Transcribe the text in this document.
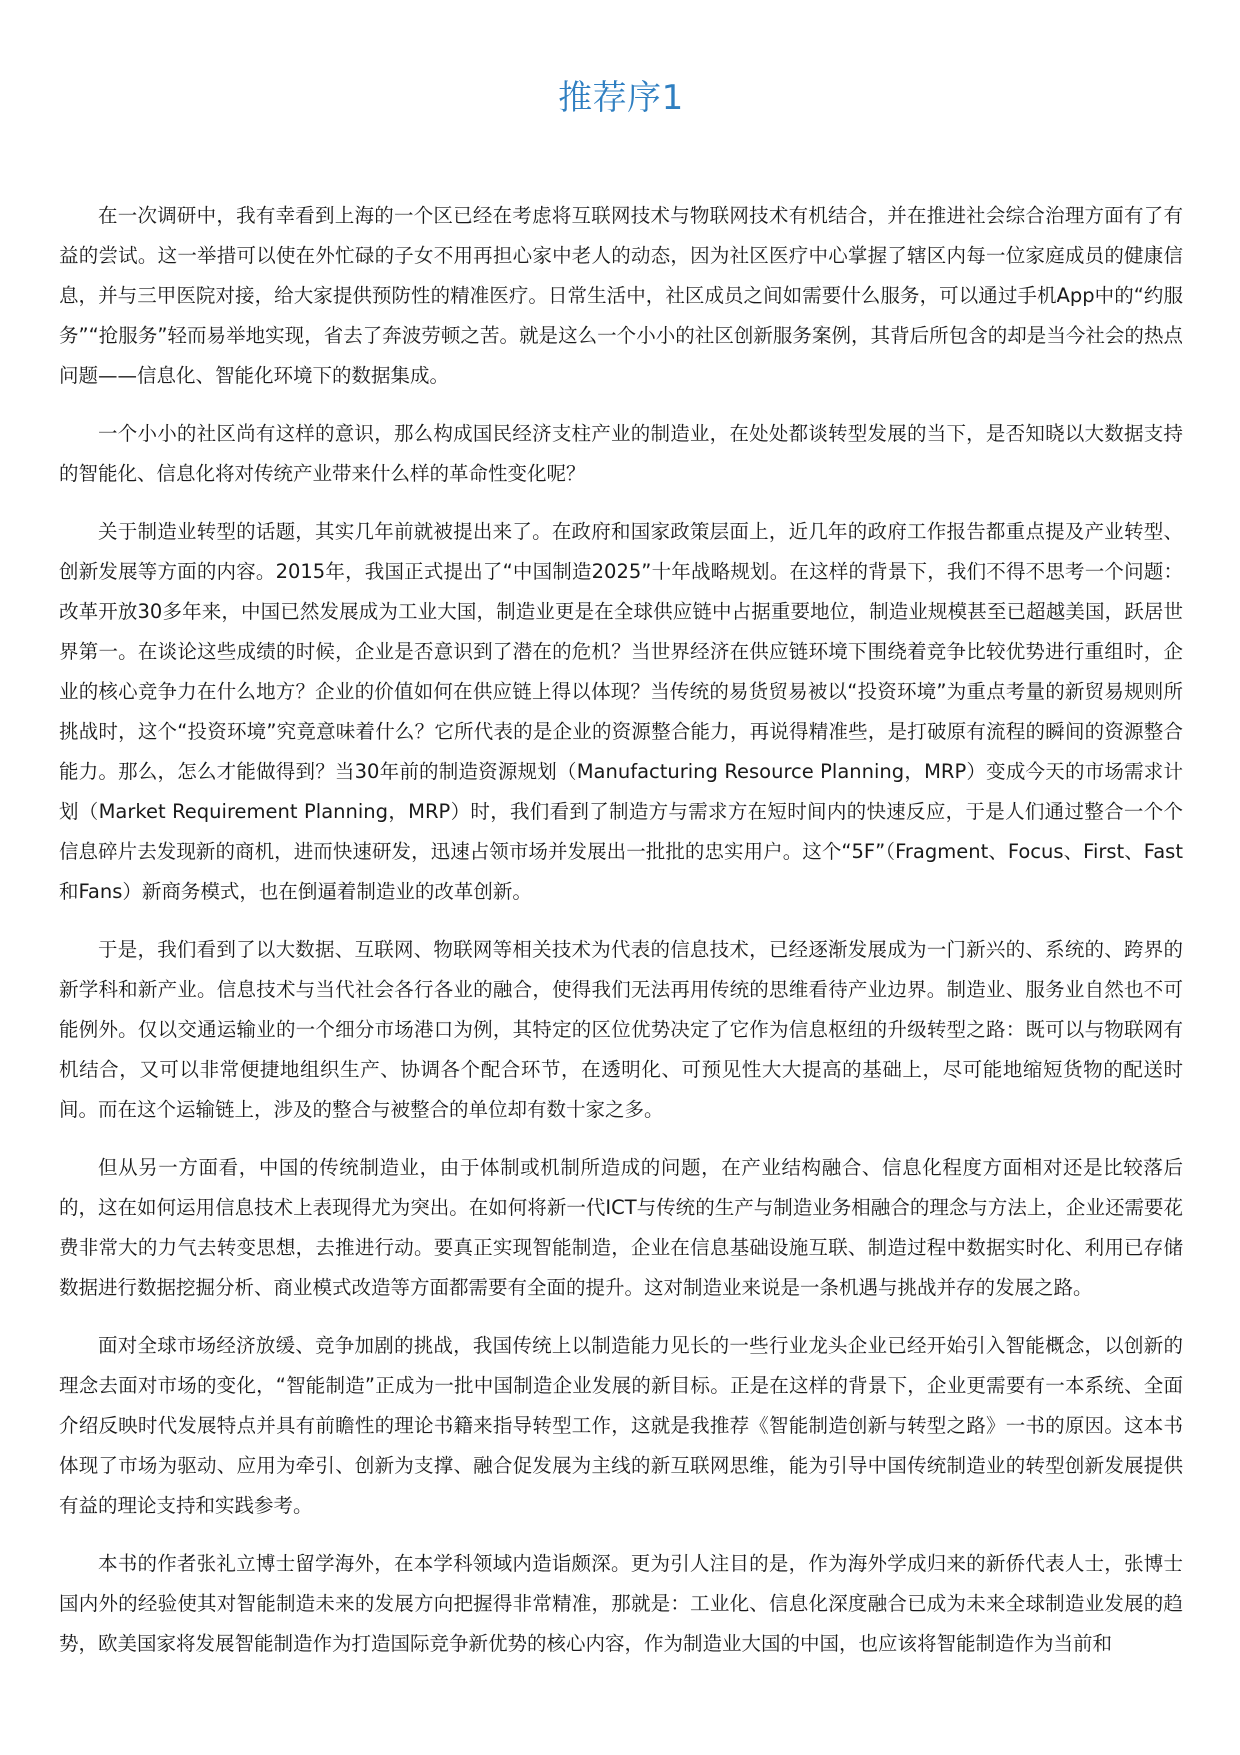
推荐序1

在一次调研中，我有幸看到上海的一个区已经在考虑将互联网技术与物联网技术有机结合，并在推进社会综合治理方面有了有益的尝试。这一举措可以使在外忙碌的子女不用再担心家中老人的动态，因为社区医疗中心掌握了辖区内每一位家庭成员的健康信息，并与三甲医院对接，给大家提供预防性的精准医疗。日常生活中，社区成员之间如需要什么服务，可以通过手机App中的“约服务”“抢服务”轻而易举地实现，省去了奔波劳顿之苦。就是这么一个小小的社区创新服务案例，其背后所包含的却是当今社会的热点问题——信息化、智能化环境下的数据集成。

一个小小的社区尚有这样的意识，那么构成国民经济支柱产业的制造业，在处处都谈转型发展的当下，是否知晓以大数据支持的智能化、信息化将对传统产业带来什么样的革命性变化呢？

关于制造业转型的话题，其实几年前就被提出来了。在政府和国家政策层面上，近几年的政府工作报告都重点提及产业转型、创新发展等方面的内容。2015年，我国正式提出了“中国制造2025”十年战略规划。在这样的背景下，我们不得不思考一个问题：改革开放30多年来，中国已然发展成为工业大国，制造业更是在全球供应链中占据重要地位，制造业规模甚至已超越美国，跃居世界第一。在谈论这些成绩的时候，企业是否意识到了潜在的危机？当世界经济在供应链环境下围绕着竞争比较优势进行重组时，企业的核心竞争力在什么地方？企业的价值如何在供应链上得以体现？当传统的易货贸易被以“投资环境”为重点考量的新贸易规则所挑战时，这个“投资环境”究竟意味着什么？它所代表的是企业的资源整合能力，再说得精准些，是打破原有流程的瞬间的资源整合能力。那么，怎么才能做得到？当30年前的制造资源规划（Manufacturing Resource Planning，MRP）变成今天的市场需求计划（Market Requirement Planning，MRP）时，我们看到了制造方与需求方在短时间内的快速反应，于是人们通过整合一个个信息碎片去发现新的商机，进而快速研发，迅速占领市场并发展出一批批的忠实用户。这个“5F”（Fragment、Focus、First、Fast和Fans）新商务模式，也在倒逼着制造业的改革创新。

于是，我们看到了以大数据、互联网、物联网等相关技术为代表的信息技术，已经逐渐发展成为一门新兴的、系统的、跨界的新学科和新产业。信息技术与当代社会各行各业的融合，使得我们无法再用传统的思维看待产业边界。制造业、服务业自然也不可能例外。仅以交通运输业的一个细分市场港口为例，其特定的区位优势决定了它作为信息枢纽的升级转型之路：既可以与物联网有机结合，又可以非常便捷地组织生产、协调各个配合环节，在透明化、可预见性大大提高的基础上，尽可能地缩短货物的配送时间。而在这个运输链上，涉及的整合与被整合的单位却有数十家之多。

但从另一方面看，中国的传统制造业，由于体制或机制所造成的问题，在产业结构融合、信息化程度方面相对还是比较落后的，这在如何运用信息技术上表现得尤为突出。在如何将新一代ICT与传统的生产与制造业务相融合的理念与方法上，企业还需要花费非常大的力气去转变思想，去推进行动。要真正实现智能制造，企业在信息基础设施互联、制造过程中数据实时化、利用已存储数据进行数据挖掘分析、商业模式改造等方面都需要有全面的提升。这对制造业来说是一条机遇与挑战并存的发展之路。

面对全球市场经济放缓、竞争加剧的挑战，我国传统上以制造能力见长的一些行业龙头企业已经开始引入智能概念，以创新的理念去面对市场的变化，“智能制造”正成为一批中国制造企业发展的新目标。正是在这样的背景下，企业更需要有一本系统、全面介绍反映时代发展特点并具有前瞻性的理论书籍来指导转型工作，这就是我推荐《智能制造创新与转型之路》一书的原因。这本书体现了市场为驱动、应用为牵引、创新为支撑、融合促发展为主线的新互联网思维，能为引导中国传统制造业的转型创新发展提供有益的理论支持和实践参考。

本书的作者张礼立博士留学海外，在本学科领域内造诣颇深。更为引人注目的是，作为海外学成归来的新侨代表人士，张博士国内外的经验使其对智能制造未来的发展方向把握得非常精准，那就是：工业化、信息化深度融合已成为未来全球制造业发展的趋势，欧美国家将发展智能制造作为打造国际竞争新优势的核心内容，作为制造业大国的中国，也应该将智能制造作为当前和
